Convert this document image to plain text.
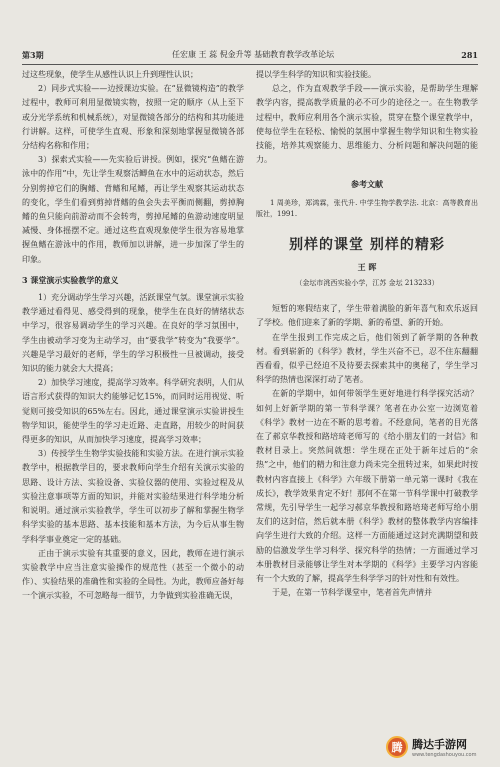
第3期	任宏康 王 蕊 倪金升等 基础教育教学改革论坛	281

过这些现象，使学生从感性认识上升到理性认识；

2）同步式实验——边授课边实验。在“显微镜构造”的教学过程中，教师可利用显微镜实物，按照一定的顺序（从上至下或分光学系统和机械系统），对显微镜各部分的结构和其功能进行讲解。这样，可使学生直观、形象和深刻地掌握显微镜各部分结构名称和作用；

3）探索式实验——先实验后讲授。例如，探究“鱼鳍在游泳中的作用”中，先让学生观察活鲫鱼在水中的运动状态，然后分别剪掉它们的胸鳍、背鳍和尾鳍，再让学生观察其运动状态的变化，学生们看到剪掉背鳍的鱼会失去平衡而侧翻，剪掉胸鳍的鱼只能向前游动而不会转弯，剪掉尾鳍的鱼游动速度明显减慢、身体摇摆不定。通过这些直观现象使学生很为容易地掌握鱼鳍在游泳中的作用，教师加以讲解，进一步加深了学生的印象。

3 课堂演示实验教学的意义

1）充分调动学生学习兴趣，活跃课堂气氛。课堂演示实验教学通过看得见、感受得到的现象，使学生在良好的情绪状态中学习，很容易调动学生的学习兴趣。在良好的学习氛围中，学生由被动学习变为主动学习，由“要我学”转变为“我要学”。兴趣是学习最好的老师，学生的学习积极性一旦被调动，接受知识的能力就会大大提高；

2）加快学习速度，提高学习效率。科学研究表明，人们从语言形式获得的知识大约能够记忆15%，而同时运用视觉、听觉则可接受知识的65%左右。因此，通过课堂演示实验讲授生物学知识，能使学生的学习走近路、走直路，用较少的时间获得更多的知识，从而加快学习速度，提高学习效率；

3）传授学生生物学实验技能和实验方法。在进行演示实验教学中，根据教学目的，要求教师向学生介绍有关演示实验的思路、设计方法、实验设备、实验仪器的使用、实验过程及从实验注意事项等方面的知识，并能对实验结果进行科学地分析和说明。通过演示实验教学，学生可以初步了解和掌握生物学科学实验的基本思路、基本技能和基本方法，为今后从事生物学科学事业奠定一定的基础。

正由于演示实验有其重要的意义，因此，教师在进行演示实验教学中应当注意实验操作的规范性（甚至一个微小的动作）、实验结果的准确性和实验的全局性。为此，教师应备好每一个演示实验，不可忽略每一细节，力争做到实验准确无误，

提以学生科学的知识和实验技能。

总之，作为直观教学手段——演示实验，是帮助学生理解教学内容，提高教学质量的必不可少的途径之一。在生物教学过程中，教师应利用各个演示实验，贯穿在整个课堂教学中，使每位学生在轻松、愉悦的氛围中掌握生物学知识和生物实验技能，培养其观察能力、思维能力、分析问题和解决问题的能力。

参考文献

1 周美珍，郑鸿霖，张代升. 中学生物学教学法. 北京：高等教育出版社，1991.

别样的课堂 别样的精彩
王 晖
（金坛市洮西实验小学，江苏 金坛 213233）

短暂的寒假结束了，学生带着满脸的新年喜气和欢乐返回了学校。他们迎来了新的学期、新的希望、新的开始。

在学生报到工作完成之后，他们领到了新学期的各种教材。看到崭新的《科学》教材，学生兴奋不已，忍不住东翻翻西看看，似乎已经迫不及待要去探索其中的奥秘了，学生学习科学的热情也深深打动了笔者。

在新的学期中，如何带领学生更好地进行科学探究活动？如何上好新学期的第一节科学课？笔者在办公室一边浏览着《科学》教材一边在不断的思考着。不经意间，笔者的目光落在了郝京华教授和路培琦老师写的《给小朋友们的一封信》和教材目录上。突然间就想：学生现在正处于新年过后的“余热”之中，他们的精力和注意力尚未完全扭转过来，如果此时按教材内容直接上《科学》六年级下册第一单元第一课时《我在成长》，教学效果肯定不好！那何不在第一节科学课中打破教学常规，先引导学生一起学习郝京华教授和路培琦老师写给小朋友们的这封信，然后就本册《科学》教材的整体教学内容编排向学生进行大致的介绍。这样一方面能通过这封充满期望和鼓励的信激发学生学习科学、探究科学的热情；一方面通过学习本册教材目录能够让学生对本学期的《科学》主要学习内容能有一个大致的了解，提高学生科学学习的针对性和有效性。

于是，在第一节科学课堂中，笔者首先声情并

腾 腾达手游网
www.tengdashouyou.com
